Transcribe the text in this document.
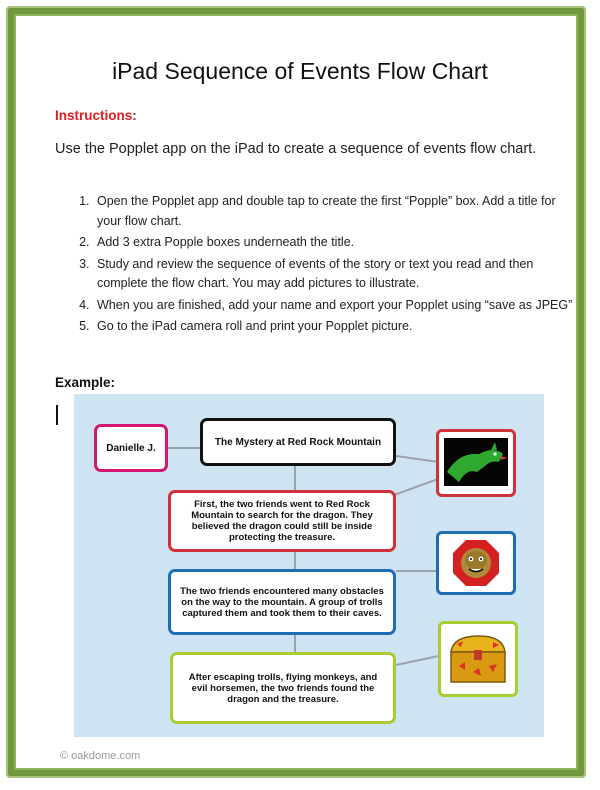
iPad Sequence of Events Flow Chart
Instructions:
Use the Popplet app on the iPad to create a sequence of events flow chart.
1. Open the Popplet app and double tap to create the first “Popple” box. Add a title for your flow chart.
2. Add 3 extra Popple boxes underneath the title.
3. Study and review the sequence of events of the story or text you read and then complete the flow chart. You may add pictures to illustrate.
4. When you are finished, add your name and export your Popplet using “save as JPEG”
5. Go to the iPad camera roll and print your Popplet picture.
Example:
Danielle J.
The Mystery at Red Rock Mountain
First, the two friends went to Red Rock Mountain to search for the dragon. They believed the dragon could still be inside protecting the treasure.
The two friends encountered many obstacles on the way to the mountain. A group of trolls captured them and took them to their caves.
After escaping trolls, flying monkeys, and evil horsemen, the two friends found the dragon and the treasure.
© oakdome.com
